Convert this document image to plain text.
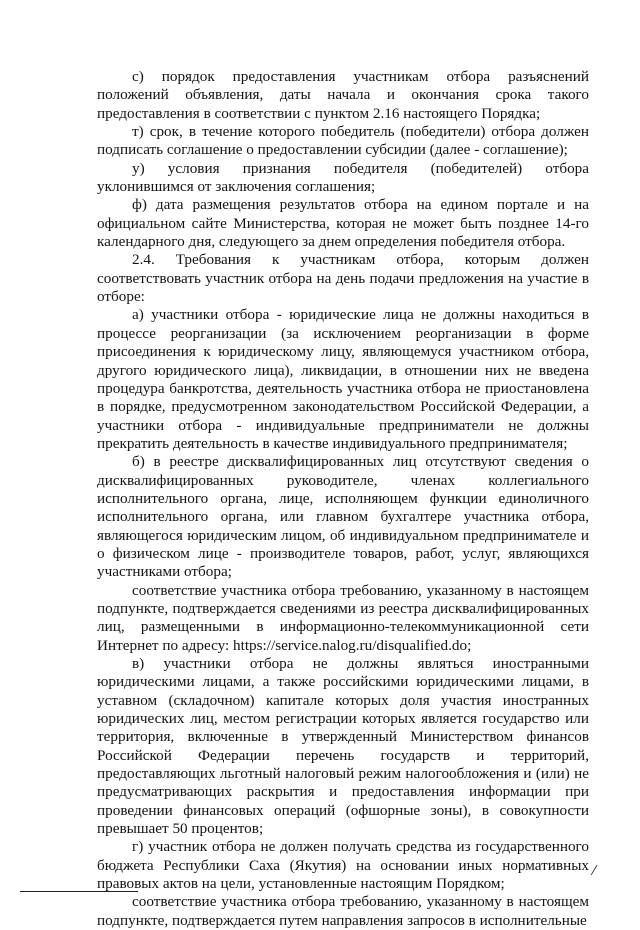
с) порядок предоставления участникам отбора разъяснений положений объявления, даты начала и окончания срока такого предоставления в соответствии с пунктом 2.16 настоящего Порядка;

т) срок, в течение которого победитель (победители) отбора должен подписать соглашение о предоставлении субсидии (далее - соглашение);

у) условия признания победителя (победителей) отбора уклонившимся от заключения соглашения;

ф) дата размещения результатов отбора на едином портале и на официальном сайте Министерства, которая не может быть позднее 14-го календарного дня, следующего за днем определения победителя отбора.

2.4. Требования к участникам отбора, которым должен соответствовать участник отбора на день подачи предложения на участие в отборе:

а) участники отбора - юридические лица не должны находиться в процессе реорганизации (за исключением реорганизации в форме присоединения к юридическому лицу, являющемуся участником отбора, другого юридического лица), ликвидации, в отношении них не введена процедура банкротства, деятельность участника отбора не приостановлена в порядке, предусмотренном законодательством Российской Федерации, а участники отбора - индивидуальные предприниматели не должны прекратить деятельность в качестве индивидуального предпринимателя;

б) в реестре дисквалифицированных лиц отсутствуют сведения о дисквалифицированных руководителе, членах коллегиального исполнительного органа, лице, исполняющем функции единоличного исполнительного органа, или главном бухгалтере участника отбора, являющегося юридическим лицом, об индивидуальном предпринимателе и о физическом лице - производителе товаров, работ, услуг, являющихся участниками отбора;

соответствие участника отбора требованию, указанному в настоящем подпункте, подтверждается сведениями из реестра дисквалифицированных лиц, размещенными в информационно-телекоммуникационной сети Интернет по адресу: https://service.nalog.ru/disqualified.do;

в) участники отбора не должны являться иностранными юридическими лицами, а также российскими юридическими лицами, в уставном (складочном) капитале которых доля участия иностранных юридических лиц, местом регистрации которых является государство или территория, включенные в утвержденный Министерством финансов Российской Федерации перечень государств и территорий, предоставляющих льготный налоговый режим налогообложения и (или) не предусматривающих раскрытия и предоставления информации при проведении финансовых операций (офшорные зоны), в совокупности превышает 50 процентов;

г) участник отбора не должен получать средства из государственного бюджета Республики Саха (Якутия) на основании иных нормативных правовых актов на цели, установленные настоящим Порядком;

соответствие участника отбора требованию, указанному в настоящем подпункте, подтверждается путем направления запросов в исполнительные

⁄
